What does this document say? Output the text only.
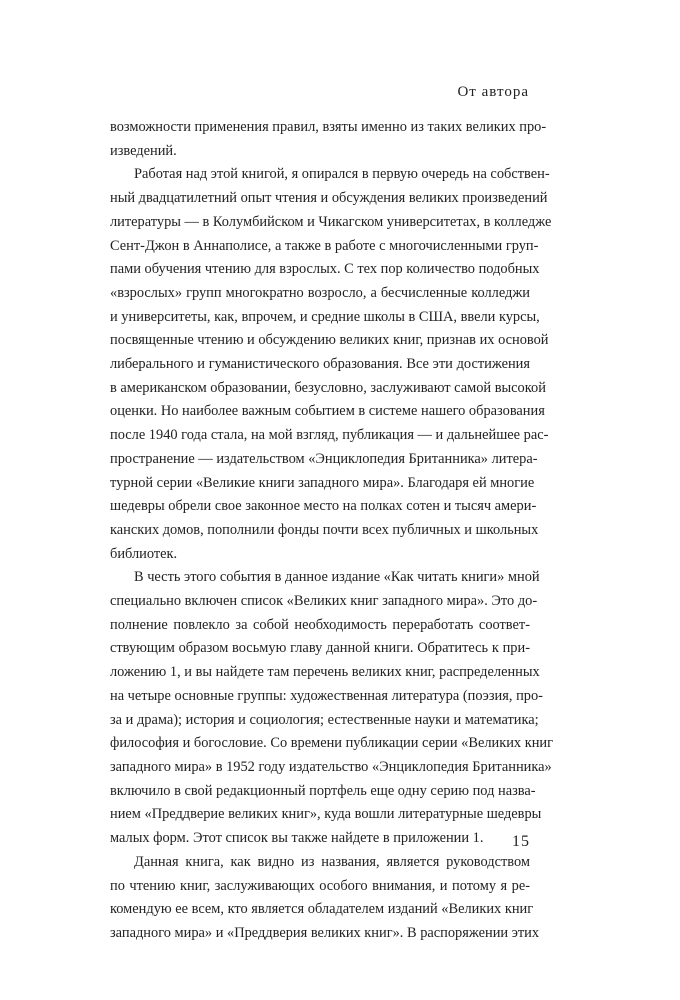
От автора

возможности применения правил, взяты именно из таких великих про-
изведений.

Работая над этой книгой, я опирался в первую очередь на собствен-
ный двадцатилетний опыт чтения и обсуждения великих произведений
литературы — в Колумбийском и Чикагском университетах, в колледже
Сент-Джон в Аннаполисе, а также в работе с многочисленными груп-
пами обучения чтению для взрослых. С тех пор количество подобных
«взрослых» групп многократно возросло, а бесчисленные колледжи
и университеты, как, впрочем, и средние школы в США, ввели курсы,
посвященные чтению и обсуждению великих книг, признав их основой
либерального и гуманистического образования. Все эти достижения
в американском образовании, безусловно, заслуживают самой высокой
оценки. Но наиболее важным событием в системе нашего образования
после 1940 года стала, на мой взгляд, публикация — и дальнейшее рас-
пространение — издательством «Энциклопедия Британника» литера-
турной серии «Великие книги западного мира». Благодаря ей многие
шедевры обрели свое законное место на полках сотен и тысяч амери-
канских домов, пополнили фонды почти всех публичных и школьных
библиотек.

В честь этого события в данное издание «Как читать книги» мной
специально включен список «Великих книг западного мира». Это до-
полнение повлекло за собой необходимость переработать соответ-
ствующим образом восьмую главу данной книги. Обратитесь к при-
ложению 1, и вы найдете там перечень великих книг, распределенных
на четыре основные группы: художественная литература (поэзия, про-
за и драма); история и социология; естественные науки и математика;
философия и богословие. Со времени публикации серии «Великих книг
западного мира» в 1952 году издательство «Энциклопедия Британника»
включило в свой редакционный портфель еще одну серию под назва-
нием «Преддверие великих книг», куда вошли литературные шедевры
малых форм. Этот список вы также найдете в приложении 1.

Данная книга, как видно из названия, является руководством
по чтению книг, заслуживающих особого внимания, и потому я ре-
комендую ее всем, кто является обладателем изданий «Великих книг
западного мира» и «Преддверия великих книг». В распоряжении этих

15
